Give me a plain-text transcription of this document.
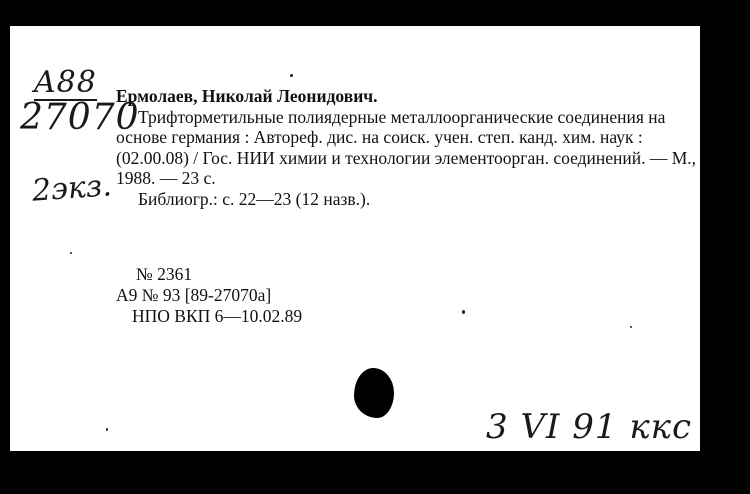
A88
27070
2экз.
Ермолаев, Николай Леонидович.
Трифторметильные полиядерные металлоорганические соединения на основе германия : Автореф. дис. на соиск. учен. степ. канд. хим. наук : (02.00.08) / Гос. НИИ химии и технологии элементоорган. соединений. — М., 1988. — 23 с.
Библиогр.: с. 22—23 (12 назв.).
№ 2361
А9 № 93 [89-27070а]
НПО ВКП 6—10.02.89
3 VI 91 ккс
